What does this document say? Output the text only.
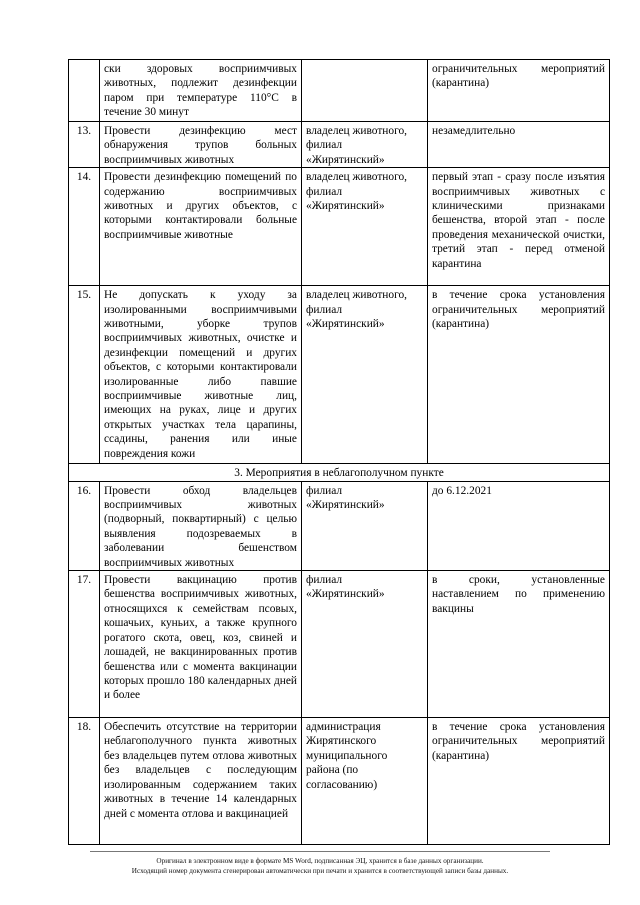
	ски здоровых восприимчивых животных, подлежит дезинфекции паром при температуре 110°С в течение 30 минут		ограничительных мероприятий (карантина)
13.	Провести дезинфекцию мест обнаружения трупов больных восприимчивых животных	владелец животного, филиал «Жирятинский»	незамедлительно
14.	Провести дезинфекцию помещений по содержанию восприимчивых животных и других объектов, с которыми контактировали больные восприимчивые животные	владелец животного, филиал «Жирятинский»	первый этап - сразу после изъятия восприимчивых животных с клиническими признаками бешенства, второй этап - после проведения механической очистки, третий этап - перед отменой карантина
15.	Не допускать к уходу за изолированными восприимчивыми животными, уборке трупов восприимчивых животных, очистке и дезинфекции помещений и других объектов, с которыми контактировали изолированные либо павшие восприимчивые животные лиц, имеющих на руках, лице и других открытых участках тела царапины, ссадины, ранения или иные повреждения кожи	владелец животного, филиал «Жирятинский»	в течение срока установления ограничительных мероприятий (карантина)
3. Мероприятия в неблагополучном пункте			
16.	Провести обход владельцев восприимчивых животных (подворный, поквартирный) с целью выявления подозреваемых в заболевании бешенством восприимчивых животных	филиал «Жирятинский»	до 6.12.2021
17.	Провести вакцинацию против бешенства восприимчивых животных, относящихся к семействам псовых, кошачьих, куньих, а также крупного рогатого скота, овец, коз, свиней и лошадей, не вакцинированных против бешенства или с момента вакцинации которых прошло 180 календарных дней и более	филиал «Жирятинский»	в сроки, установленные наставлением по применению вакцины
18.	Обеспечить отсутствие на территории неблагополучного пункта животных без владельцев путем отлова животных без владельцев с последующим изолированным содержанием таких животных в течение 14 календарных дней с момента отлова и вакцинацией	администрация Жирятинского муниципального района (по согласованию)	в течение срока установления ограничительных мероприятий (карантина)
Оригинал в электронном виде в формате MS Word, подписанная ЭЦ, хранится в базе данных организации.
Исходящий номер документа сгенерирован автоматически при печати и хранится в соответствующей записи базы данных.
